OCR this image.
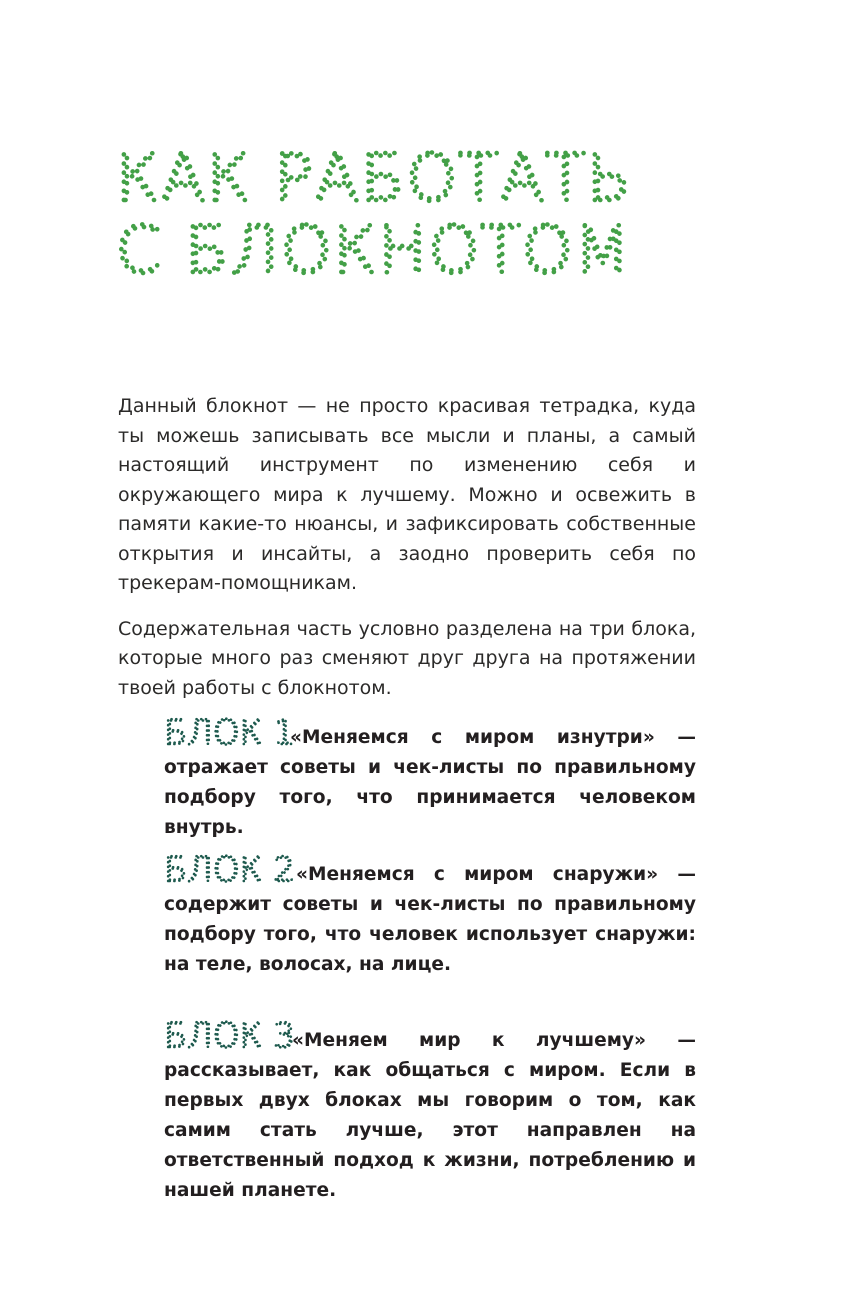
КАК РАБОТАТЬ
С БЛОКНОТОМ

Данный блокнот — не просто красивая тетрадка, куда ты можешь записывать все мысли и планы, а самый настоящий инструмент по изменению себя и окружающего мира к лучшему. Можно и освежить в памяти какие-то нюансы, и зафиксировать собственные открытия и инсайты, а заодно проверить себя по трекерам-помощникам.

Содержательная часть условно разделена на три блока, которые много раз сменяют друг друга на протяжении твоей работы с блокнотом.

БЛОК 1
«Меняемся с миром изнутри» — отражает советы и чек-листы по правильному подбору того, что принимается человеком внутрь.

БЛОК 2 «Меняемся с миром снаружи» — содержит советы и чек-листы по правильному подбору того, что человек использует снаружи: на теле, волосах, на лице.

БЛОК 3
«Меняем мир к лучшему» — рассказывает, как общаться с миром. Если в первых двух блоках мы говорим о том, как самим стать лучше, этот направлен на ответственный подход к жизни, потреблению и нашей планете.
